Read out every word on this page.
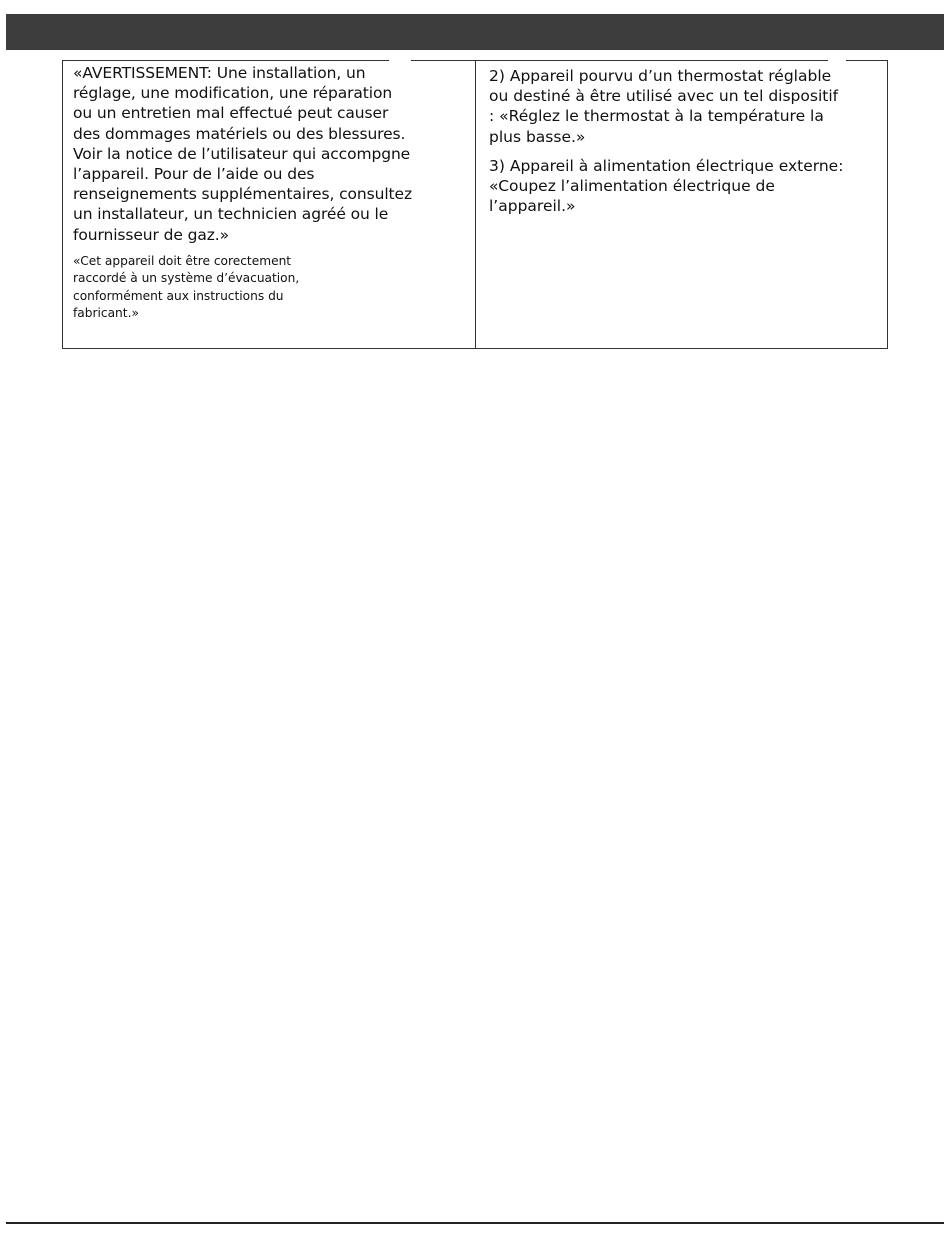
«AVERTISSEMENT: Une installation, un réglage, une modification, une réparation ou un entretien mal effectué peut causer des dommages matériels ou des blessures. Voir la notice de l’utilisateur qui accompgne l’appareil. Pour de l’aide ou des renseignements supplémentaires, consultez un installateur, un technicien agréé ou le fournisseur de gaz.»

«Cet appareil doit être corectement raccordé à un système d’évacuation, conformément aux instructions du fabricant.»

2) Appareil pourvu d’un thermostat réglable ou destiné à être utilisé avec un tel dispositif : «Réglez le thermostat à la température la plus basse.»

3) Appareil à alimentation électrique externe: «Coupez l’alimentation électrique de l’appareil.»
